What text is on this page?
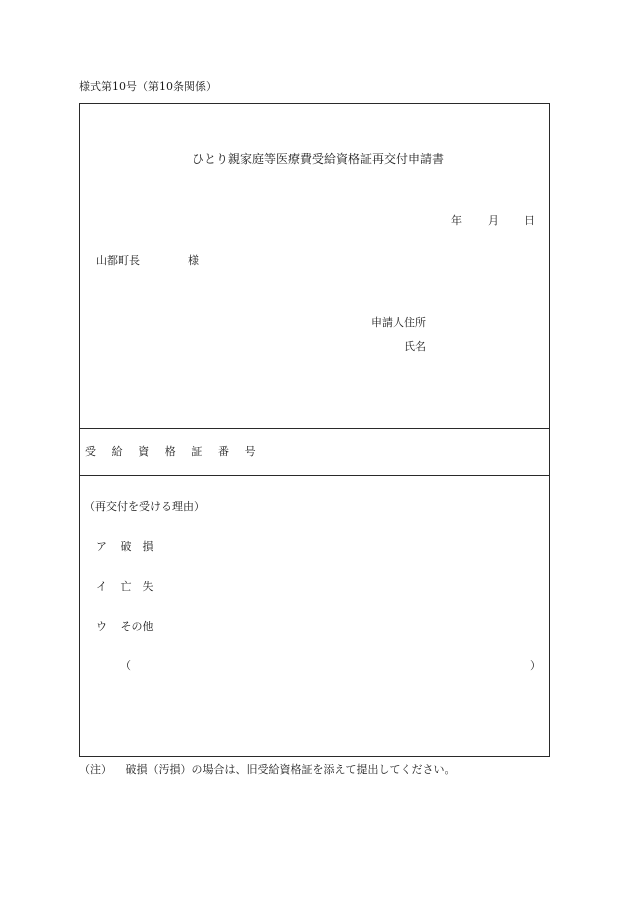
様式第10号（第10条関係）
ひとり親家庭等医療費受給資格証再交付申請書
年 月 日
山都町長	様
申請人住所
氏名
受 給 資 格 証 番 号
（再交付を受ける理由）
ア 破　損
イ 亡　失
ウ その他
（	）
（注） 破損（汚損）の場合は、旧受給資格証を添えて提出してください。
